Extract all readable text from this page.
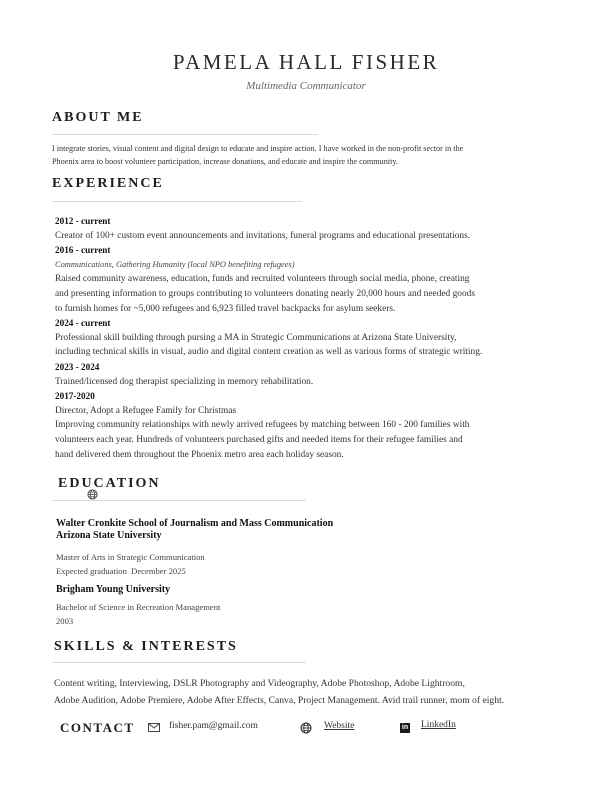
PAMELA HALL FISHER
Multimedia Communicator
ABOUT ME
I integrate stories, visual content and digital design to educate and inspire action. I have worked in the non-profit sector in the
Phoenix area to boost volunteer participation, increase donations, and educate and inspire the community.
EXPERIENCE
2012 - current
Creator of 100+ custom event announcements and invitations, funeral programs and educational presentations.
2016 - current
Communications, Gathering Humanity (local NPO benefiting refugees)
Raised community awareness, education, funds and recruited volunteers through social media, phone, creating
and presenting information to groups contributing to volunteers donating nearly 20,000 hours and needed goods
to furnish homes for ~5,000 refugees and 6,923 filled travel backpacks for asylum seekers.
2024 - current
Professional skill building through pursing a MA in Strategic Communications at Arizona State University,
including technical skills in visual, audio and digital content creation as well as various forms of strategic writing.
2023 - 2024
Trained/licensed dog therapist specializing in memory rehabilitation.
2017-2020
Director, Adopt a Refugee Family for Christmas
Improving community relationships with newly arrived refugees by matching between 160 - 200 families with
volunteers each year. Hundreds of volunteers purchased gifts and needed items for their refugee families and
hand delivered them throughout the Phoenix metro area each holiday season.
EDUCATION
Walter Cronkite School of Journalism and Mass Communication
Arizona State University
Master of Arts in Strategic Communication
Expected graduation  December 2025
Brigham Young University
Bachelor of Science in Recreation Management
2003
SKILLS & INTERESTS
Content writing, Interviewing, DSLR Photography and Videography, Adobe Photoshop, Adobe Lightroom,
Adobe Audition, Adobe Premiere, Adobe After Effects, Canva, Project Management. Avid trail runner, mom of eight.
CONTACT	fisher.pam@gmail.com	Website	in LinkedIn
